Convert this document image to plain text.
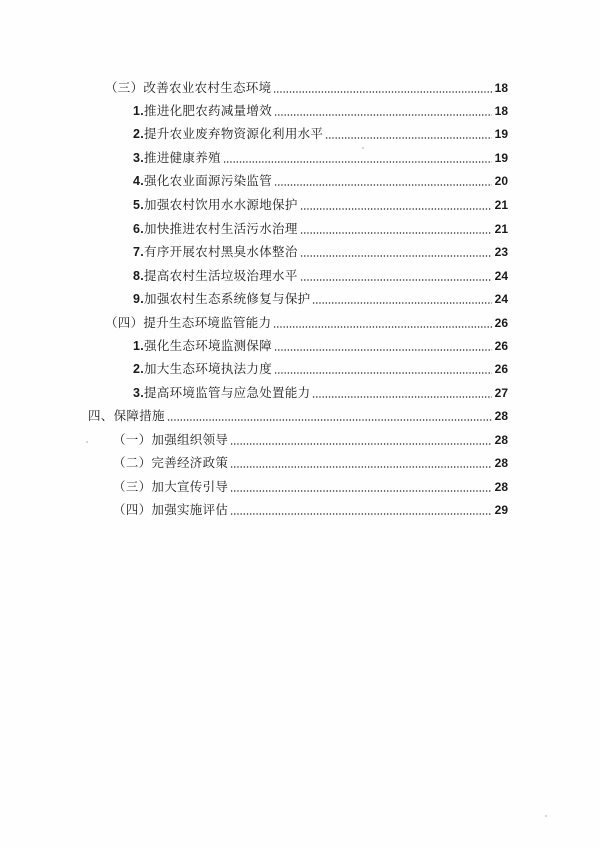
（三）改善农业农村生态环境	18
1.推进化肥农药减量增效	18
2.提升农业废弃物资源化利用水平	19
3.推进健康养殖	19
4.强化农业面源污染监管	20
5.加强农村饮用水水源地保护	21
6.加快推进农村生活污水治理	21
7.有序开展农村黑臭水体整治	23
8.提高农村生活垃圾治理水平	24
9.加强农村生态系统修复与保护	24
（四）提升生态环境监管能力	26
1.强化生态环境监测保障	26
2.加大生态环境执法力度	26
3.提高环境监管与应急处置能力	27
四、保障措施	28
（一）加强组织领导	28
（二）完善经济政策	28
（三）加大宣传引导	28
（四）加强实施评估	29
